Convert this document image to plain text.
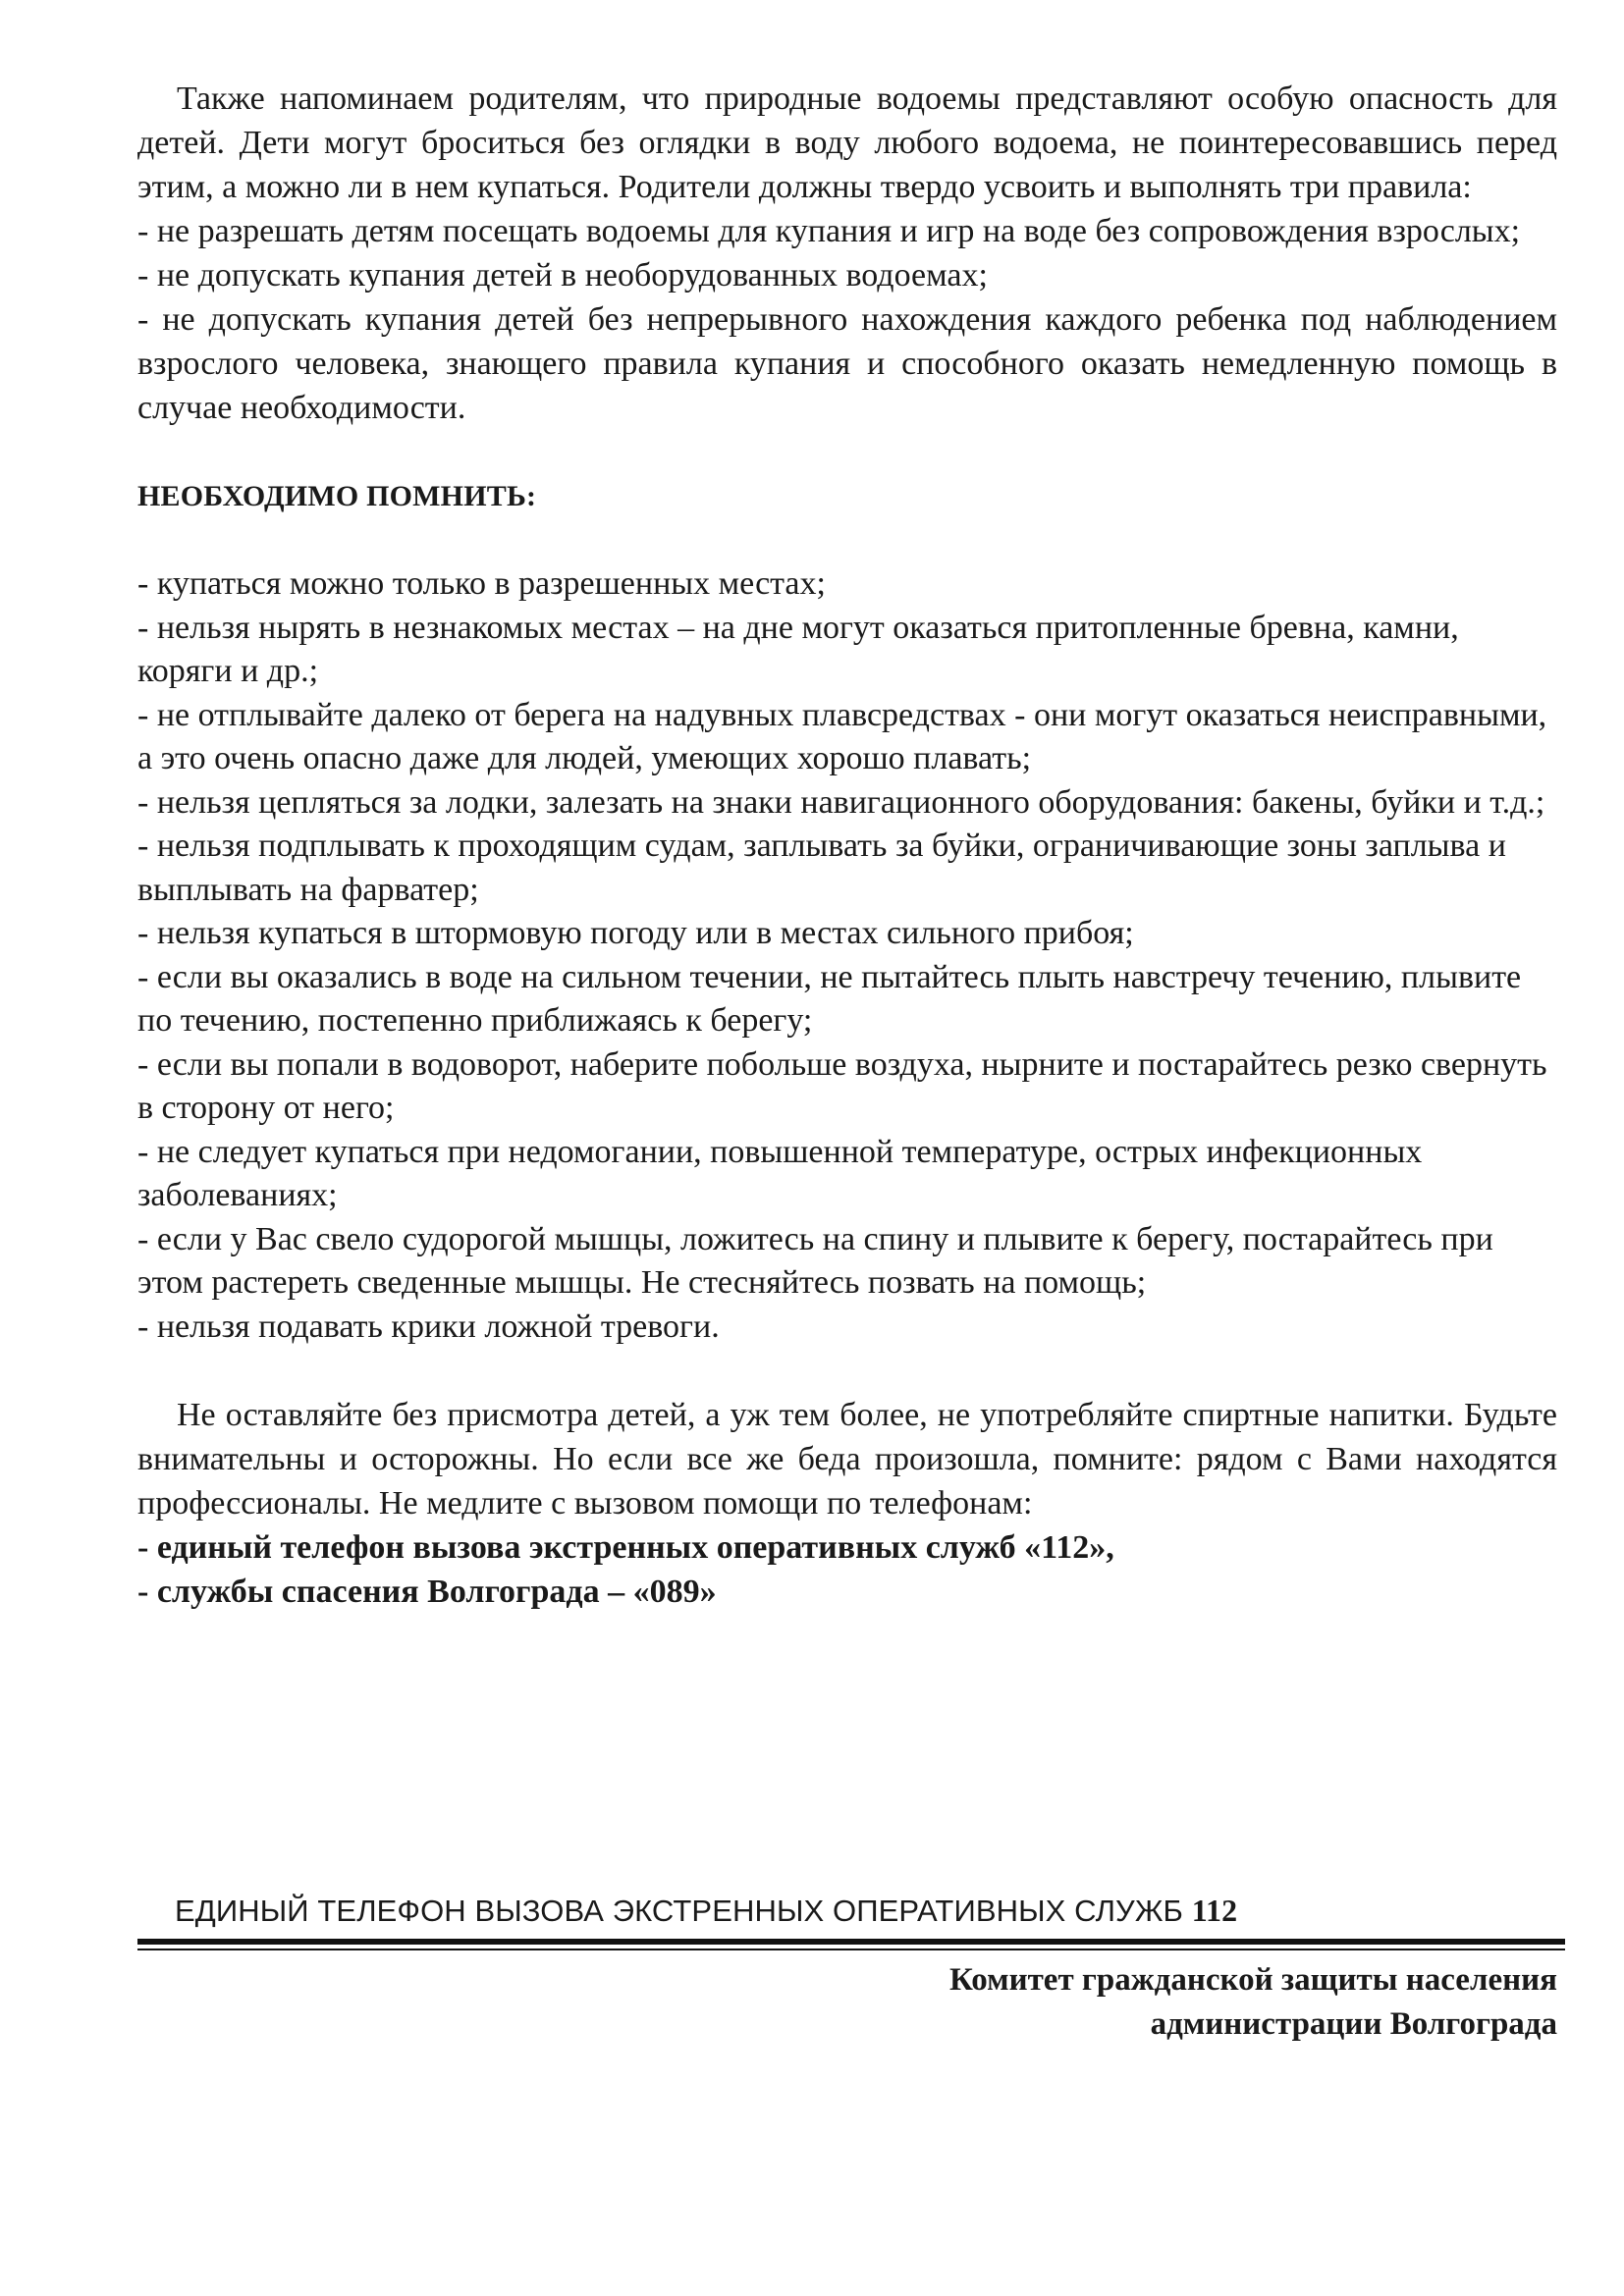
Также напоминаем родителям, что природные водоемы представляют особую опасность для детей. Дети могут броситься без оглядки в воду любого водоема, не поинтересовавшись перед этим, а можно ли в нем купаться. Родители должны твердо усвоить и выполнять три правила:

- не разрешать детям посещать водоемы для купания и игр на воде без сопровождения взрослых;

- не допускать купания детей в необорудованных водоемах;

- не допускать купания детей без непрерывного нахождения каждого ребенка под наблюдением взрослого человека, знающего правила купания и способного оказать немедленную помощь в случае необходимости.

НЕОБХОДИМО ПОМНИТЬ:

- купаться можно только в разрешенных местах;

- нельзя нырять в незнакомых местах – на дне могут оказаться притопленные бревна, камни, коряги и др.;

- не отплывайте далеко от берега на надувных плавсредствах - они могут оказаться неисправными, а это очень опасно даже для людей, умеющих хорошо плавать;

- нельзя цепляться за лодки, залезать на знаки навигационного оборудования: бакены, буйки и т.д.;

- нельзя подплывать к проходящим судам, заплывать за буйки, ограничивающие зоны заплыва и выплывать на фарватер;

- нельзя купаться в штормовую погоду или в местах сильного прибоя;

- если вы оказались в воде на сильном течении, не пытайтесь плыть навстречу течению, плывите по течению, постепенно приближаясь к берегу;

- если вы попали в водоворот, наберите побольше воздуха, нырните и постарайтесь резко свернуть в сторону от него;

- не следует купаться при недомогании, повышенной температуре, острых инфекционных заболеваниях;

- если у Вас свело судорогой мышцы, ложитесь на спину и плывите к берегу, постарайтесь при этом растереть сведенные мышцы. Не стесняйтесь позвать на помощь;

- нельзя подавать крики ложной тревоги.

Не оставляйте без присмотра детей, а уж тем более, не употребляйте спиртные напитки. Будьте внимательны и осторожны. Но если все же беда произошла, помните: рядом с Вами находятся профессионалы. Не медлите с вызовом помощи по телефонам:

- единый телефон вызова экстренных оперативных служб «112»,

- службы спасения Волгограда – «089»

ЕДИНЫЙ ТЕЛЕФОН ВЫЗОВА ЭКСТРЕННЫХ ОПЕРАТИВНЫХ СЛУЖБ 112
Комитет гражданской защиты населения
администрации Волгограда
